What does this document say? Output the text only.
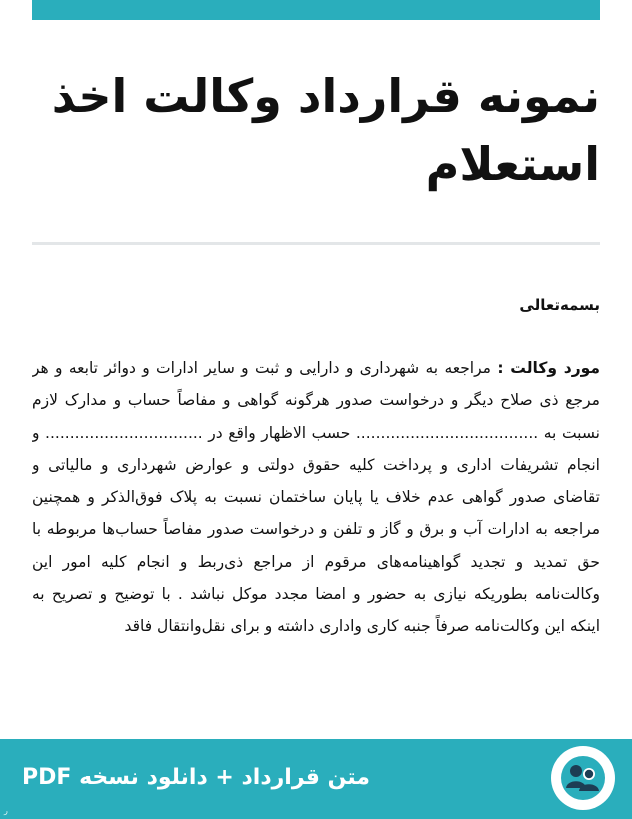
نمونه قرارداد وکالت اخذ استعلام
بسمه‌تعالی

مورد وکالت : مراجعه به شهرداری و دارایی و ثبت و سایر ادارات و دوائر تابعه و هر مرجع ذی صلاح دیگر و درخواست صدور هرگونه گواهی و مفاصاً حساب و مدارک لازم نسبت به ..................................... حسب الاظهار واقع در ................................ و انجام تشریفات اداری و پرداخت کلیه حقوق دولتی و عوارض شهرداری و مالیاتی و تقاضای صدور گواهی عدم خلاف یا پایان ساختمان نسبت به پلاک فوق‌الذکر و همچنین مراجعه به ادارات آب و برق و گاز و تلفن و درخواست صدور مفاصاً حساب‌ها مربوطه با حق تمدید و تجدید گواهینامه‌های مرقوم از مراجع ذی‌ربط و انجام کلیه امور این وکالت‌نامه بطوریکه نیازی به حضور و امضا مجدد موکل نباشد . با توضیح و تصریح به اینکه این وکالت‌نامه صرفاً جنبه کاری واداری داشته و برای نقل‌وانتقال فاقد

متن قرارداد + دانلود نسخه PDF
ر
